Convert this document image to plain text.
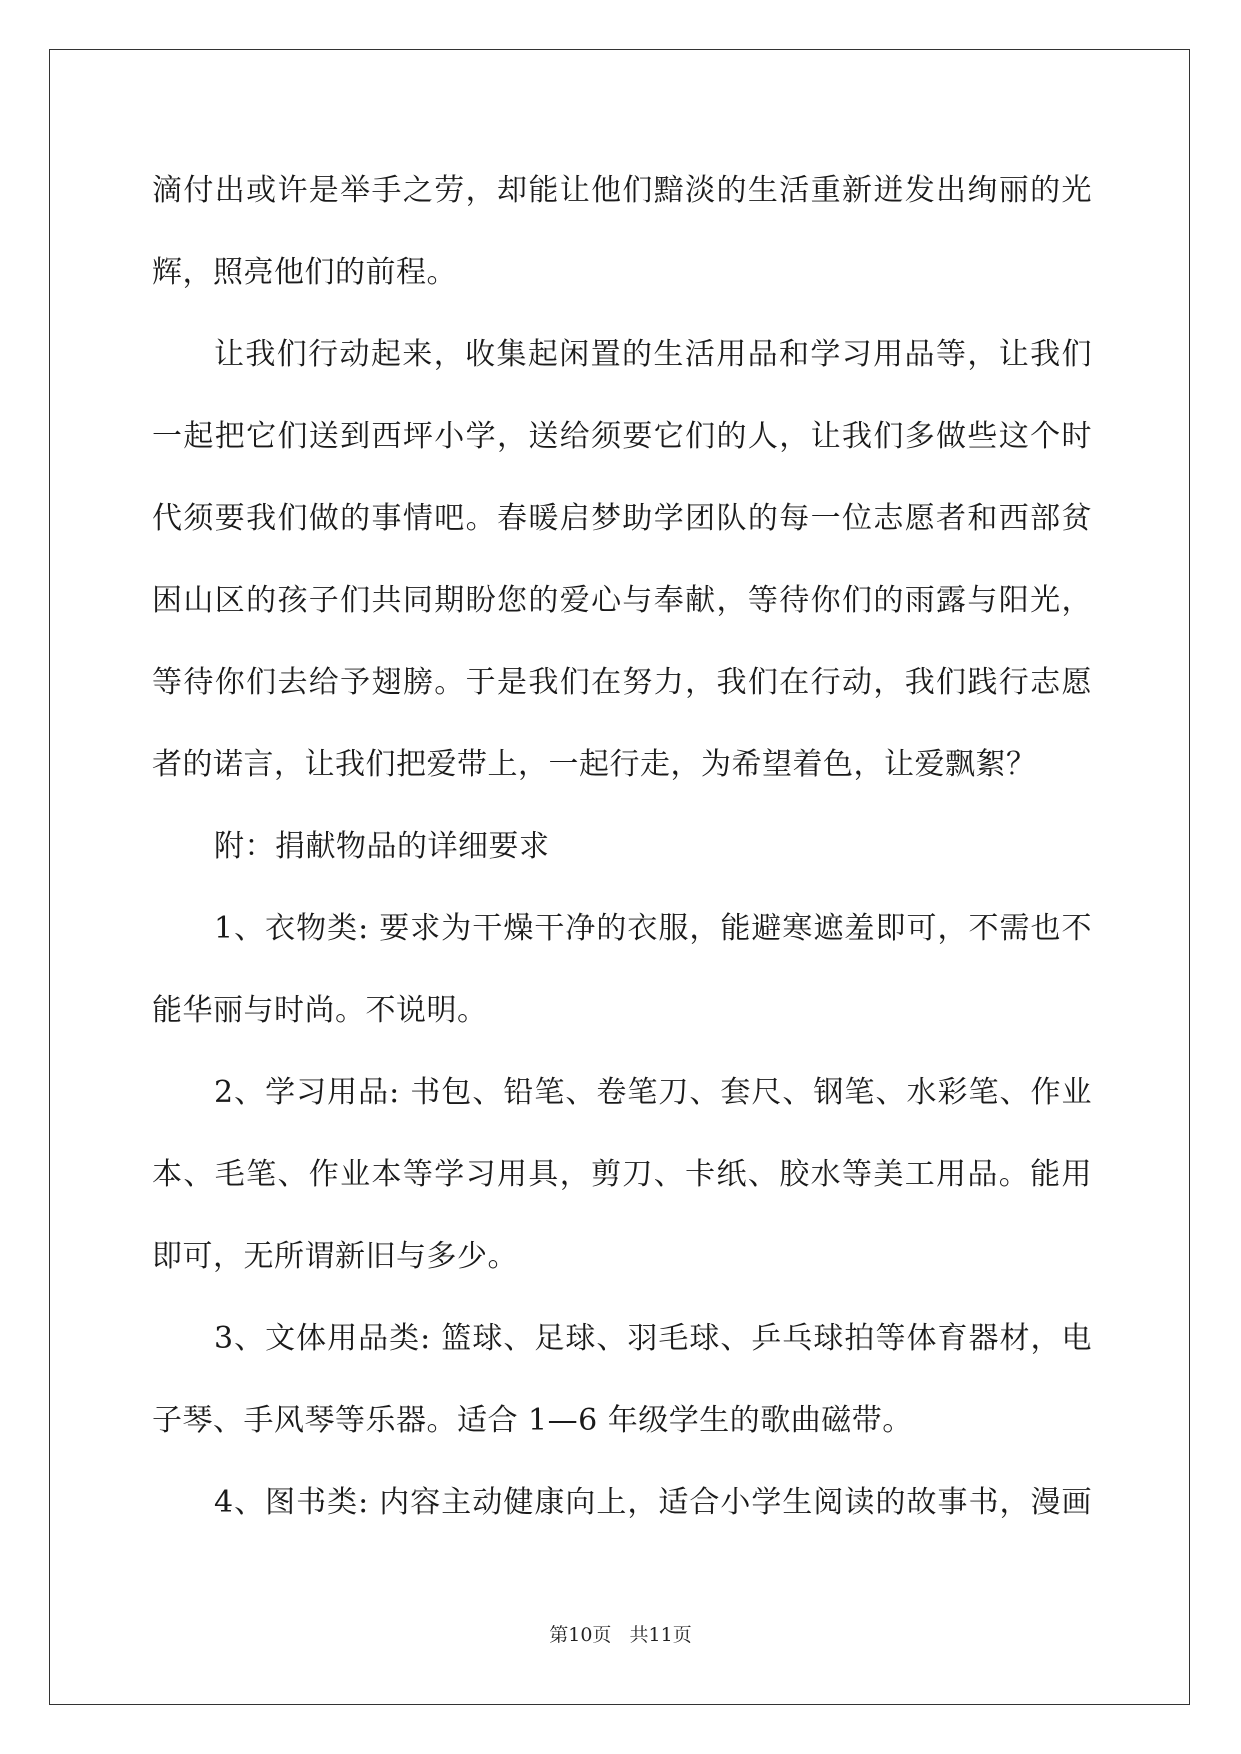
滴付出或许是举手之劳，却能让他们黯淡的生活重新迸发出绚丽的光
辉，照亮他们的前程。
让我们行动起来，收集起闲置的生活用品和学习用品等，让我们
一起把它们送到西坪小学，送给须要它们的人，让我们多做些这个时
代须要我们做的事情吧。春暖启梦助学团队的每一位志愿者和西部贫
困山区的孩子们共同期盼您的爱心与奉献，等待你们的雨露与阳光，
等待你们去给予翅膀。于是我们在努力，我们在行动，我们践行志愿
者的诺言，让我们把爱带上，一起行走，为希望着色，让爱飘絮？
附：捐献物品的详细要求
1、衣物类: 要求为干燥干净的衣服，能避寒遮羞即可，不需也不
能华丽与时尚。不说明。
2、学习用品: 书包、铅笔、卷笔刀、套尺、钢笔、水彩笔、作业
本、毛笔、作业本等学习用具，剪刀、卡纸、胶水等美工用品。能用
即可，无所谓新旧与多少。
3、文体用品类: 篮球、足球、羽毛球、乒乓球拍等体育器材，电
子琴、手风琴等乐器。适合 1—6 年级学生的歌曲磁带。
4、图书类: 内容主动健康向上，适合小学生阅读的故事书，漫画
第10页   共11页
